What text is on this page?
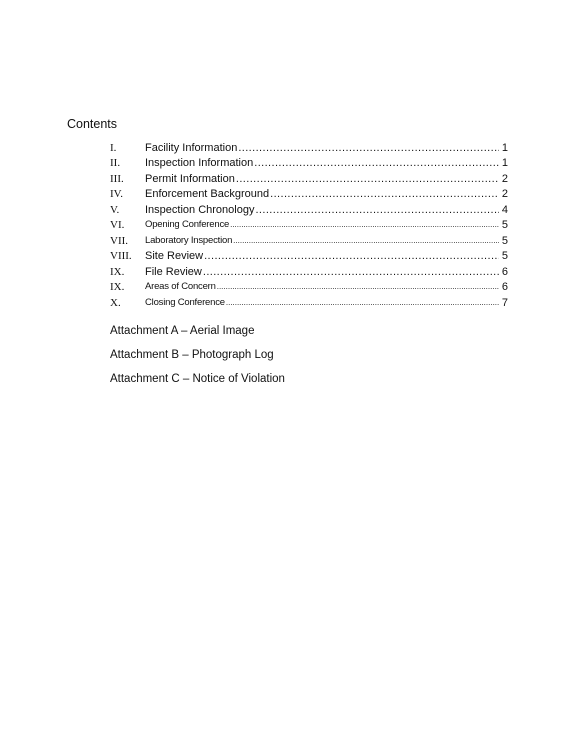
Contents
I.	Facility Information .....	1
II.	Inspection Information .....	1
III.	Permit Information .....	2
IV.	Enforcement Background .....	2
V.	Inspection Chronology .....	4
VI.	Opening Conference .....	5
VII.	Laboratory Inspection .....	5
VIII.	Site Review .....	5
IX.	File Review .....	6
IX.	Areas of Concern .....	6
X.	Closing Conference .....	7
Attachment A – Aerial Image
Attachment B – Photograph Log
Attachment C – Notice of Violation
